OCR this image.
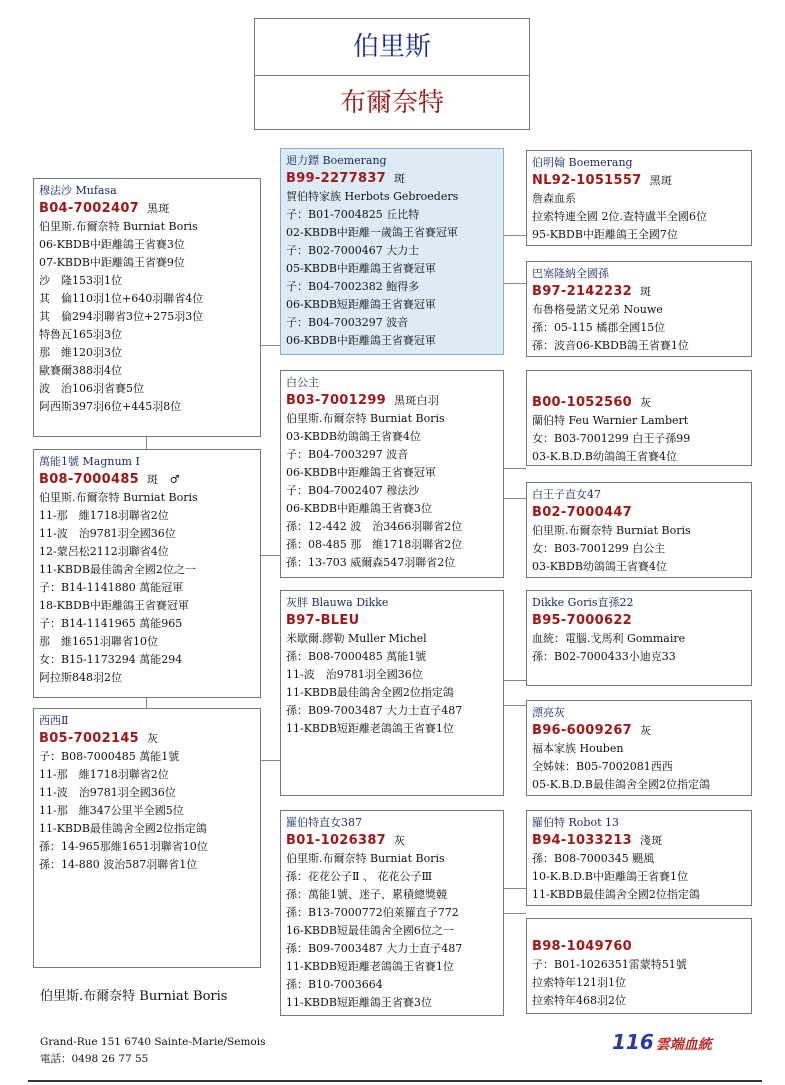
伯里斯
布爾奈特
穆法沙 Mufasa
B04-7002407 黑斑
伯里斯.布爾奈特 Burniat Boris
06-KBDB中距離鴿王省賽3位
07-KBDB中距離鴿王省賽9位
沙　隆153羽1位
其　倫110羽1位+640羽聯省4位
其　倫294羽聯省3位+275羽3位
特魯瓦165羽3位
那　維120羽3位
歐賽爾388羽4位
波　治106羽省賽5位
阿西斯397羽6位+445羽8位
迴力鏢 Boemerang
B99-2277837 斑
賀伯特家族 Herbots Gebroeders
子：B01-7004825 丘比特
02-KBDB中距離一歲鴿王省賽冠軍
子：B02-7000467 大力士
05-KBDB中距離鴿王省賽冠軍
子：B04-7002382 鮑得多
06-KBDB短距離鴿王省賽冠軍
子：B04-7003297 波音
06-KBDB中距離鴿王省賽冠軍
伯明翰 Boemerang
NL92-1051557 黑斑
詹森血系
拉索特連全國 2位.查特盧半全國6位
95-KBDB中距離鴿王全國7位
巴塞隆納全國孫
B97-2142232 斑
布魯格曼諾文兄弟 Nouwe
孫：05-115 橘郡全國15位
孫：波音06-KBDB鴿王省賽1位
白公主
B03-7001299 黑斑白羽
伯里斯.布爾奈特 Burniat Boris
03-KBDB幼鴿鴿王省賽4位
子：B04-7003297 波音
06-KBDB中距離鴿王省賽冠軍
子：B04-7002407 穆法沙
06-KBDB中距離鴿王省賽3位
孫：12-442 波　治3466羽聯省2位
孫：08-485 那　維1718羽聯省2位
孫：13-703 威爾森547羽聯省2位
B00-1052560 灰
蘭伯特 Feu Warnier Lambert
女：B03-7001299 白王子孫99
03-K.B.D.B幼鴿鴿王省賽4位
白王子直女47
B02-7000447
伯里斯.布爾奈特 Burniat Boris
女：B03-7001299 白公主
03-KBDB幼鴿鴿王省賽4位
萬能1號 Magnum Ⅰ
B08-7000485 斑　♂
伯里斯.布爾奈特 Burniat Boris
11-那　維1718羽聯省2位
11-波　治9781羽全國36位
12-蒙呂松2112羽聯省4位
11-KBDB最佳鴿舍全國2位之一
子：B14-1141880 萬能冠軍
18-KBDB中距離鴿王省賽冠軍
子：B14-1141965 萬能965
那　維1651羽聯省10位
女：B15-1173294 萬能294
阿拉斯848羽2位
灰胖 Blauwa Dikke
B97-BLEU
米歇爾.繆勒 Muller Michel
孫：B08-7000485 萬能1號
11-波　治9781羽全國36位
11-KBDB最佳鴿舍全國2位指定鴿
孫：B09-7003487 大力士直子487
11-KBDB短距離老鴿鴿王省賽1位
Dikke Goris直孫22
B95-7000622
血統：電腦.戈馬利 Gommaire
孫：B02-7000433小迪克33
漂亮灰
B96-6009267 灰
福本家族 Houben
全姊妹：B05-7002081西西
05-K.B.D.B最佳鴿舍全國2位指定鴿
西西Ⅱ
B05-7002145 灰
子：B08-7000485 萬能1號
11-那　維1718羽聯省2位
11-波　治9781羽全國36位
11-那　維347公里半全國5位
11-KBDB最佳鴿舍全國2位指定鴿
孫：14-965那維1651羽聯省10位
孫：14-880 波治587羽聯省1位
羅伯特直女387
B01-1026387 灰
伯里斯.布爾奈特 Burniat Boris
孫：花花公子Ⅱ 、 花花公子Ⅲ
孫：萬能1號、迷子、累積總獎競
孫：B13-7000772伯萊羅直子772
16-KBDB短最佳鴿舍全國6位之一
孫：B09-7003487 大力士直子487
11-KBDB短距離老鴿鴿王省賽1位
孫：B10-7003664
11-KBDB短距離鴿王省賽3位
羅伯特 Robot 13
B94-1033213 淺斑
孫：B08-7000345 颶風
10-K.B.D.B中距離鴿王省賽1位
11-KBDB最佳鴿舍全國2位指定鴿
B98-1049760
子：B01-1026351雷蒙特51號
拉索特年121羽1位
拉索特年468羽2位
伯里斯.布爾奈特 Burniat Boris
Grand-Rue 151 6740 Sainte-Marie/Semois
電話：0498 26 77 55
116 雲端血統
